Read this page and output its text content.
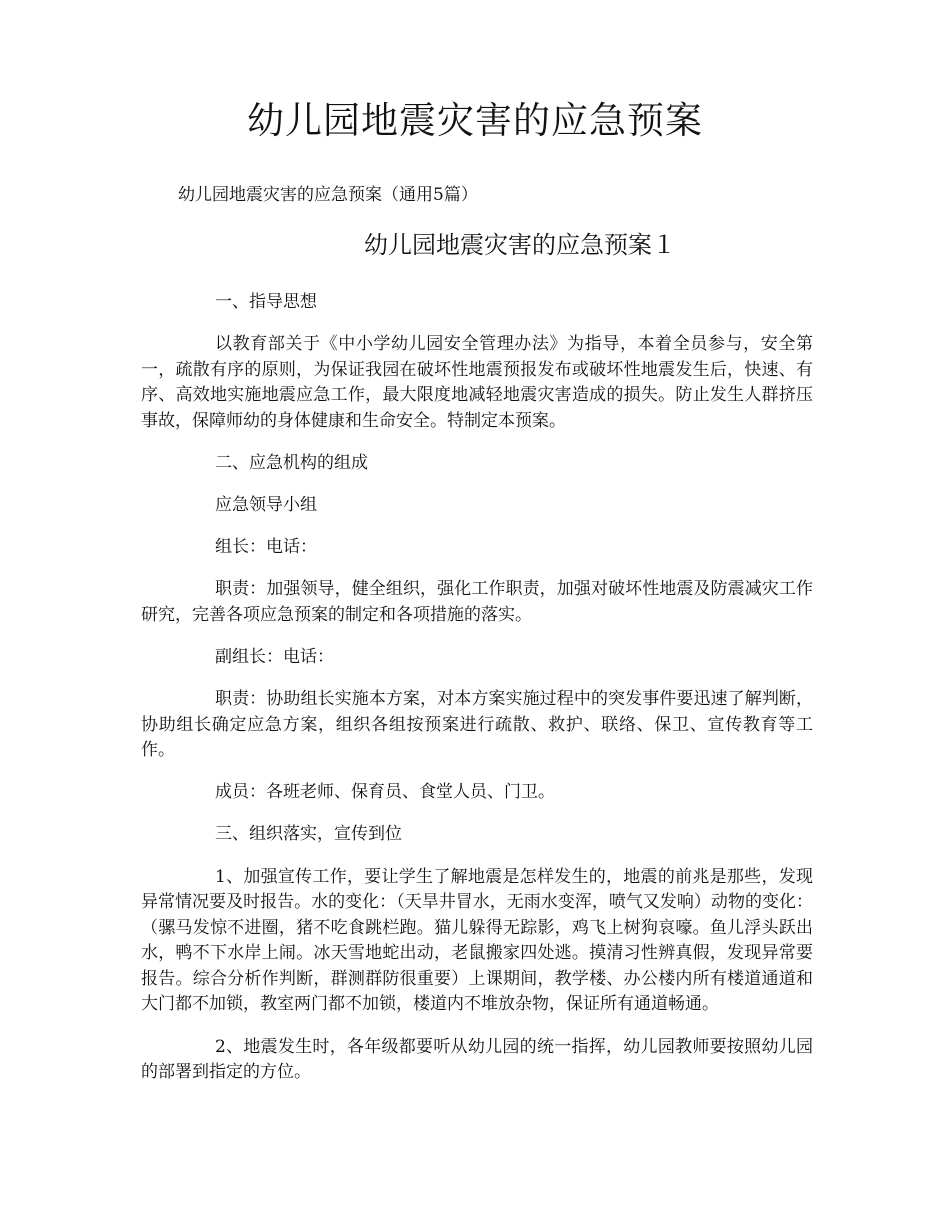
幼儿园地震灾害的应急预案
幼儿园地震灾害的应急预案（通用5篇）
幼儿园地震灾害的应急预案１

一、指导思想

以教育部关于《中小学幼儿园安全管理办法》为指导，本着全员参与，安全第一，疏散有序的原则，为保证我园在破坏性地震预报发布或破坏性地震发生后，快速、有序、高效地实施地震应急工作，最大限度地减轻地震灾害造成的损失。防止发生人群挤压事故，保障师幼的身体健康和生命安全。特制定本预案。

二、应急机构的组成

应急领导小组

组长：电话：

职责：加强领导，健全组织，强化工作职责，加强对破坏性地震及防震减灾工作研究，完善各项应急预案的制定和各项措施的落实。

副组长：电话：

职责：协助组长实施本方案，对本方案实施过程中的突发事件要迅速了解判断，协助组长确定应急方案，组织各组按预案进行疏散、救护、联络、保卫、宣传教育等工作。

成员：各班老师、保育员、食堂人员、门卫。

三、组织落实，宣传到位

1、加强宣传工作，要让学生了解地震是怎样发生的，地震的前兆是那些，发现异常情况要及时报告。水的变化：（天旱井冒水，无雨水变浑，喷气又发响）动物的变化：（骡马发惊不进圈，猪不吃食跳栏跑。猫儿躲得无踪影，鸡飞上树狗哀嚎。鱼儿浮头跃出水，鸭不下水岸上闹。冰天雪地蛇出动，老鼠搬家四处逃。摸清习性辨真假，发现异常要报告。综合分析作判断，群测群防很重要）上课期间，教学楼、办公楼内所有楼道通道和大门都不加锁，教室两门都不加锁，楼道内不堆放杂物，保证所有通道畅通。

2、地震发生时，各年级都要听从幼儿园的统一指挥，幼儿园教师要按照幼儿园的部署到指定的方位。
